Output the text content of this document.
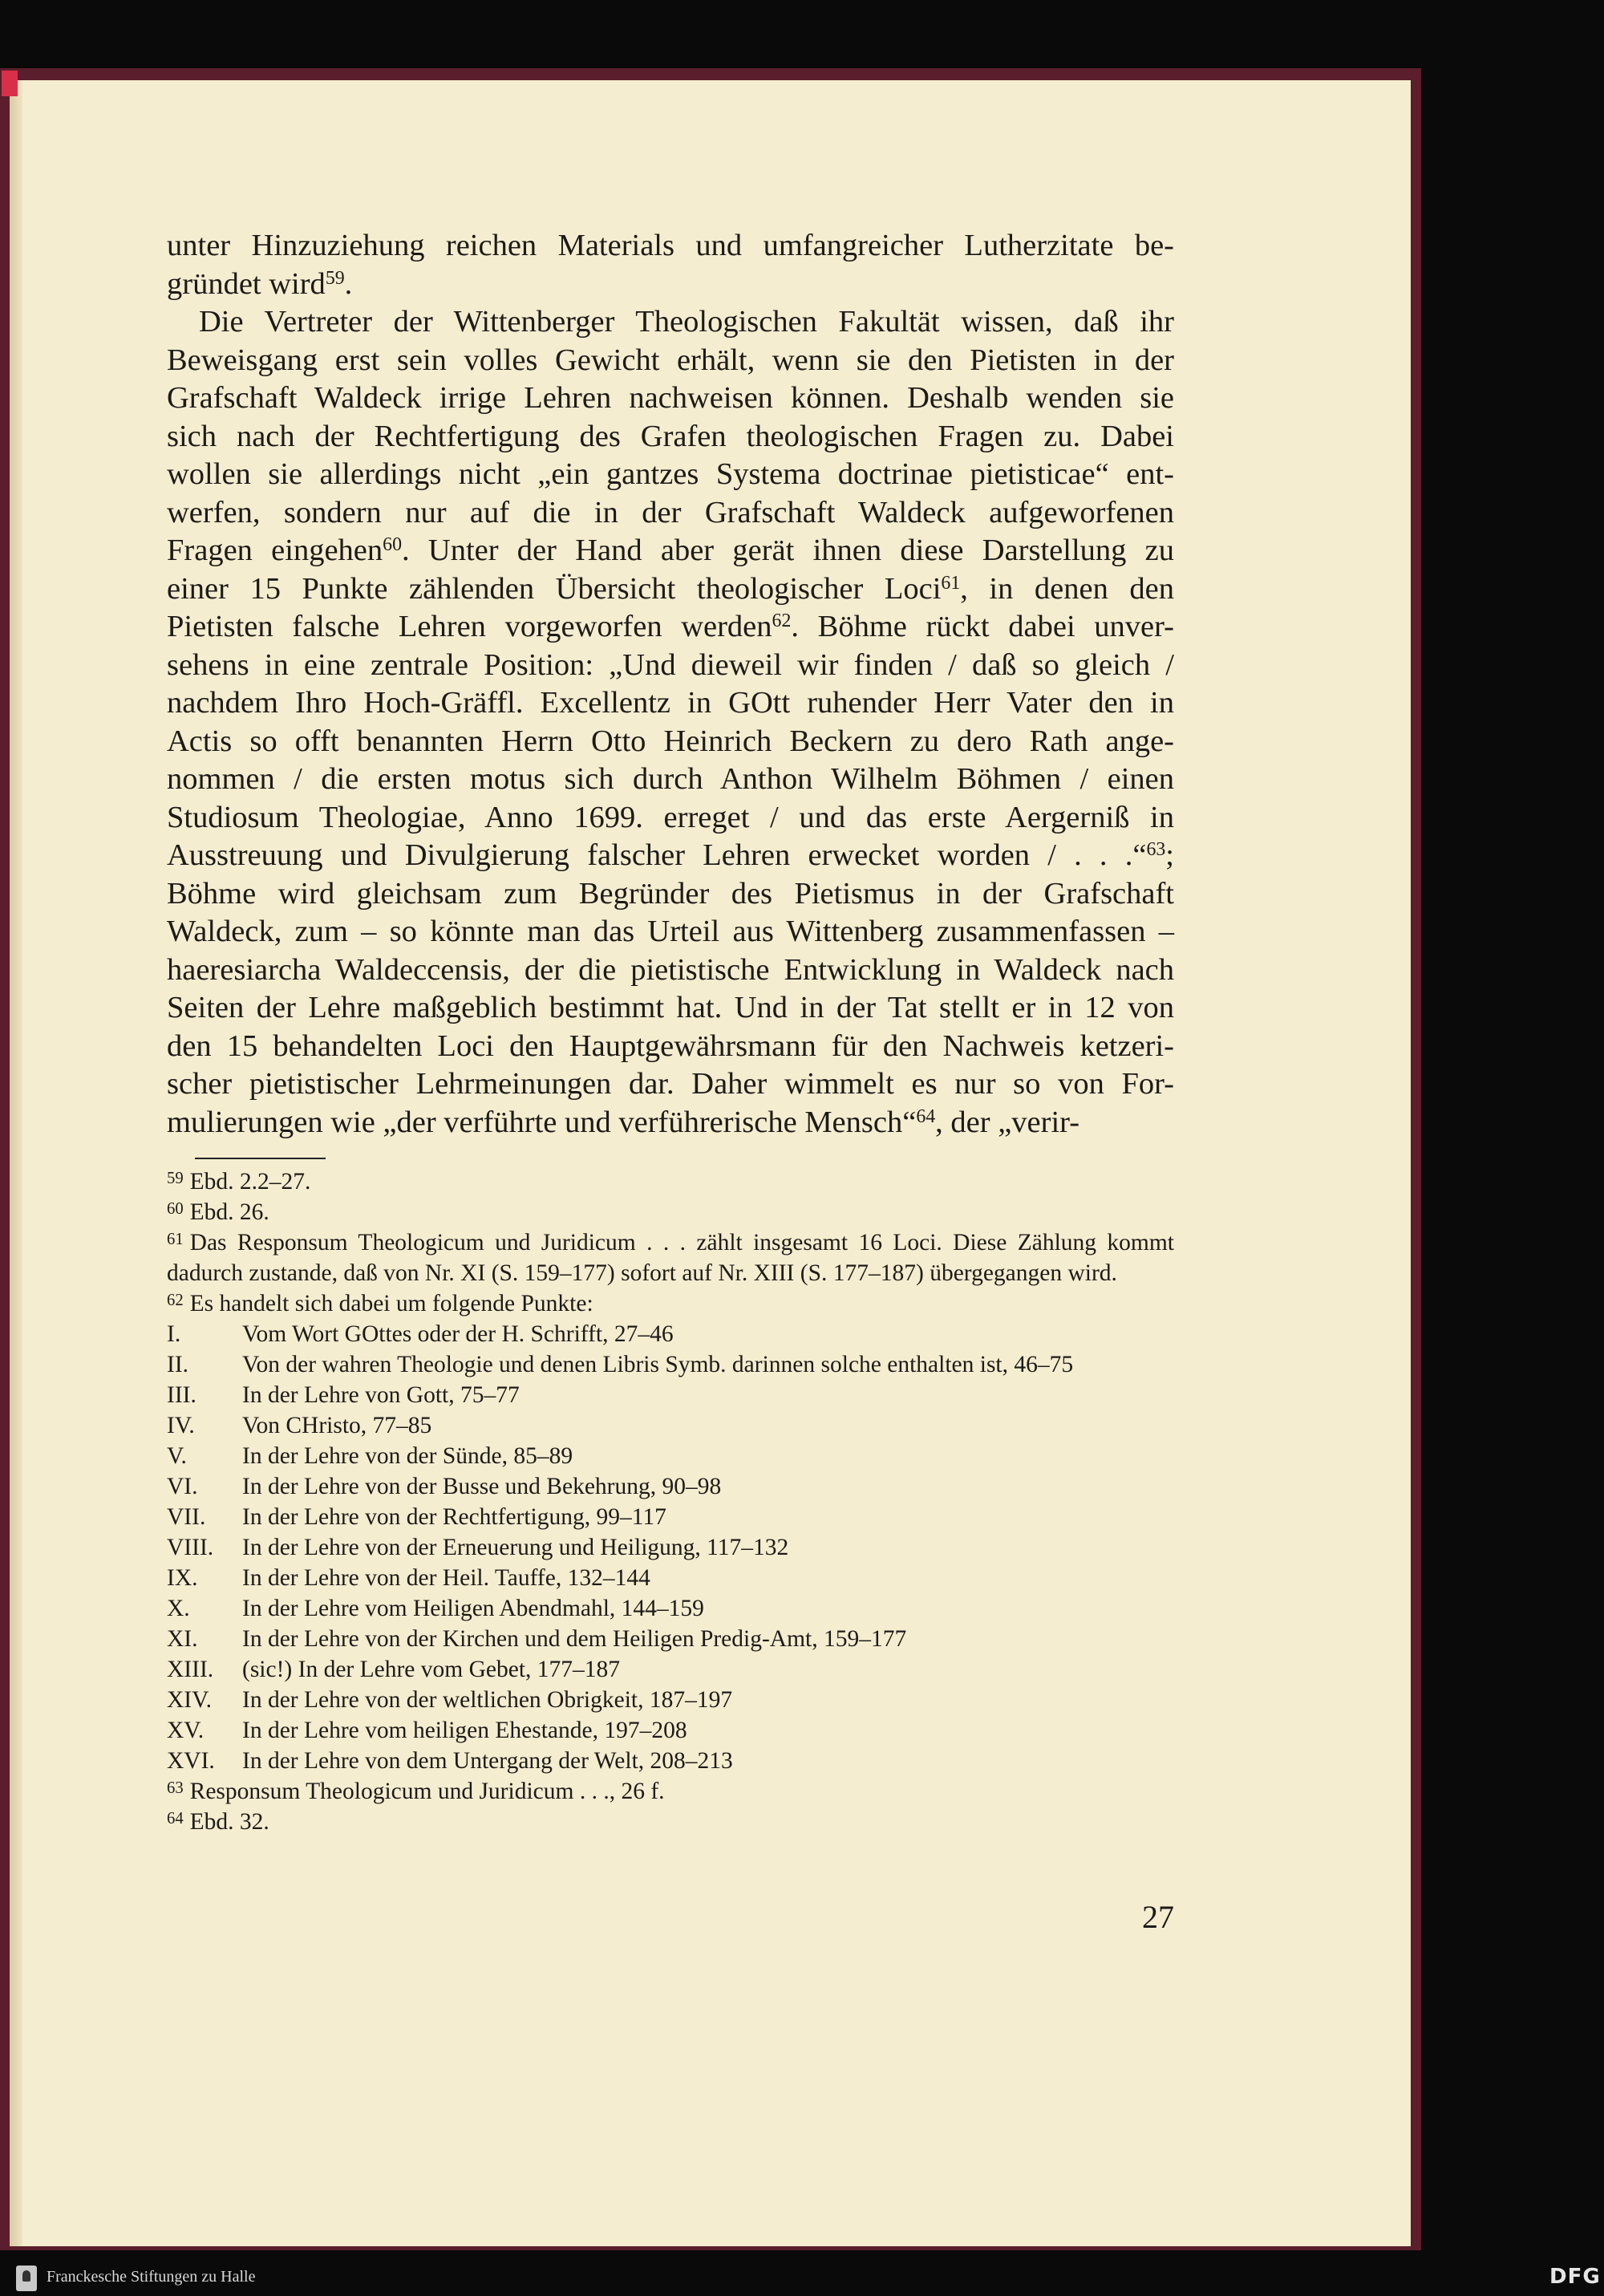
unter Hinzuziehung reichen Materials und umfangreicher Lutherzitate be-

gründet wird$^{59}$.

Die Vertreter der Wittenberger Theologischen Fakultät wissen, daß ihr

Beweisgang erst sein volles Gewicht erhält, wenn sie den Pietisten in der

Grafschaft Waldeck irrige Lehren nachweisen können. Deshalb wenden sie

sich nach der Rechtfertigung des Grafen theologischen Fragen zu. Dabei

wollen sie allerdings nicht „ein gantzes Systema doctrinae pietisticae“ ent-

werfen, sondern nur auf die in der Grafschaft Waldeck aufgeworfenen

Fragen eingehen$^{60}$. Unter der Hand aber gerät ihnen diese Darstellung zu

einer 15 Punkte zählenden Übersicht theologischer Loci$^{61}$, in denen den

Pietisten falsche Lehren vorgeworfen werden$^{62}$. Böhme rückt dabei unver-

sehens in eine zentrale Position: „Und dieweil wir finden / daß so gleich /

nachdem Ihro Hoch-Gräffl. Excellentz in GOtt ruhender Herr Vater den in

Actis so offt benannten Herrn Otto Heinrich Beckern zu dero Rath ange-

nommen / die ersten motus sich durch Anthon Wilhelm Böhmen / einen

Studiosum Theologiae, Anno 1699. erreget / und das erste Aergerniß in

Ausstreuung und Divulgierung falscher Lehren erwecket worden / . . .“$^{63}$;

Böhme wird gleichsam zum Begründer des Pietismus in der Grafschaft

Waldeck, zum – so könnte man das Urteil aus Wittenberg zusammenfassen –

haeresiarcha Waldeccensis, der die pietistische Entwicklung in Waldeck nach

Seiten der Lehre maßgeblich bestimmt hat. Und in der Tat stellt er in 12 von

den 15 behandelten Loci den Hauptgewährsmann für den Nachweis ketzeri-

scher pietistischer Lehrmeinungen dar. Daher wimmelt es nur so von For-

mulierungen wie „der verführte und verführerische Mensch“$^{64}$, der „verir-

$^{59}$ Ebd. 2.2–27.

$^{60}$ Ebd. 26.

$^{61}$ Das Responsum Theologicum und Juridicum . . . zählt insgesamt 16 Loci. Diese Zählung kommt dadurch zustande, daß von Nr. XI (S. 159–177) sofort auf Nr. XIII (S. 177–187) übergegangen wird.

$^{62}$ Es handelt sich dabei um folgende Punkte:

I.	Vom Wort GOttes oder der H. Schrifft, 27–46
II.	Von der wahren Theologie und denen Libris Symb. darinnen solche enthalten ist, 46–75
III.	In der Lehre von Gott, 75–77
IV.	Von CHristo, 77–85
V.	In der Lehre von der Sünde, 85–89
VI.	In der Lehre von der Busse und Bekehrung, 90–98
VII.	In der Lehre von der Rechtfertigung, 99–117
VIII.	In der Lehre von der Erneuerung und Heiligung, 117–132
IX.	In der Lehre von der Heil. Tauffe, 132–144
X.	In der Lehre vom Heiligen Abendmahl, 144–159
XI.	In der Lehre von der Kirchen und dem Heiligen Predig-Amt, 159–177
XIII.	(sic!) In der Lehre vom Gebet, 177–187
XIV.	In der Lehre von der weltlichen Obrigkeit, 187–197
XV.	In der Lehre vom heiligen Ehestande, 197–208
XVI.	In der Lehre von dem Untergang der Welt, 208–213

$^{63}$ Responsum Theologicum und Juridicum . . ., 26 f.

$^{64}$ Ebd. 32.

27
Franckesche Stiftungen zu Halle	DFG
